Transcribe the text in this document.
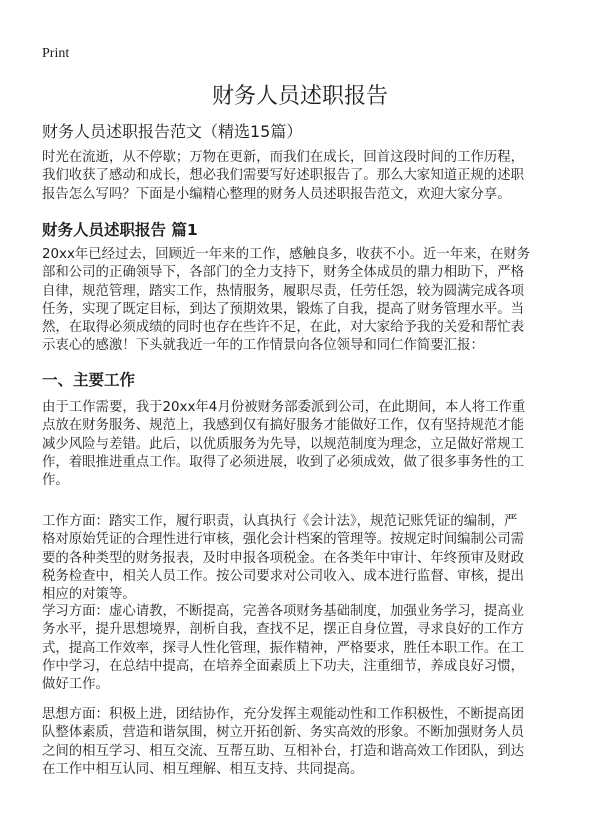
Print
财务人员述职报告
财务人员述职报告范文（精选15篇）
时光在流逝，从不停歇；万物在更新，而我们在成长，回首这段时间的工作历程，
我们收获了感动和成长，想必我们需要写好述职报告了。那么大家知道正规的述职
报告怎么写吗？下面是小编精心整理的财务人员述职报告范文，欢迎大家分享。
财务人员述职报告 篇1
20xx年已经过去，回顾近一年来的工作，感触良多，收获不小。近一年来，在财务
部和公司的正确领导下，各部门的全力支持下，财务全体成员的鼎力相助下，严格
自律，规范管理，踏实工作，热情服务，履职尽责，任劳任怨，较为圆满完成各项
任务，实现了既定目标，到达了预期效果，锻炼了自我，提高了财务管理水平。当
然，在取得必须成绩的同时也存在些许不足，在此，对大家给予我的关爱和帮忙表
示衷心的感激！下头就我近一年的工作情景向各位领导和同仁作简要汇报：
一、主要工作
由于工作需要，我于20xx年4月份被财务部委派到公司，在此期间，本人将工作重
点放在财务服务、规范上，我感到仅有搞好服务才能做好工作，仅有坚持规范才能
减少风险与差错。此后，以优质服务为先导，以规范制度为理念，立足做好常规工
作，着眼推进重点工作。取得了必须进展，收到了必须成效，做了很多事务性的工
作。
工作方面：踏实工作，履行职责，认真执行《会计法》，规范记账凭证的编制，严
格对原始凭证的合理性进行审核，强化会计档案的管理等。按规定时间编制公司需
要的各种类型的财务报表，及时申报各项税金。在各类年中审计、年终预审及财政
税务检查中，相关人员工作。按公司要求对公司收入、成本进行监督、审核，提出
相应的对策等。
学习方面：虚心请教，不断提高，完善各项财务基础制度，加强业务学习，提高业
务水平，提升思想境界，剖析自我，查找不足，摆正自身位置，寻求良好的工作方
式，提高工作效率，探寻人性化管理，振作精神，严格要求，胜任本职工作。在工
作中学习，在总结中提高，在培养全面素质上下功夫，注重细节，养成良好习惯，
做好工作。
思想方面：积极上进，团结协作，充分发挥主观能动性和工作积极性，不断提高团
队整体素质，营造和谐氛围，树立开拓创新、务实高效的形象。不断加强财务人员
之间的相互学习、相互交流、互帮互助、互相补台，打造和谐高效工作团队，到达
在工作中相互认同、相互理解、相互支持、共同提高。
